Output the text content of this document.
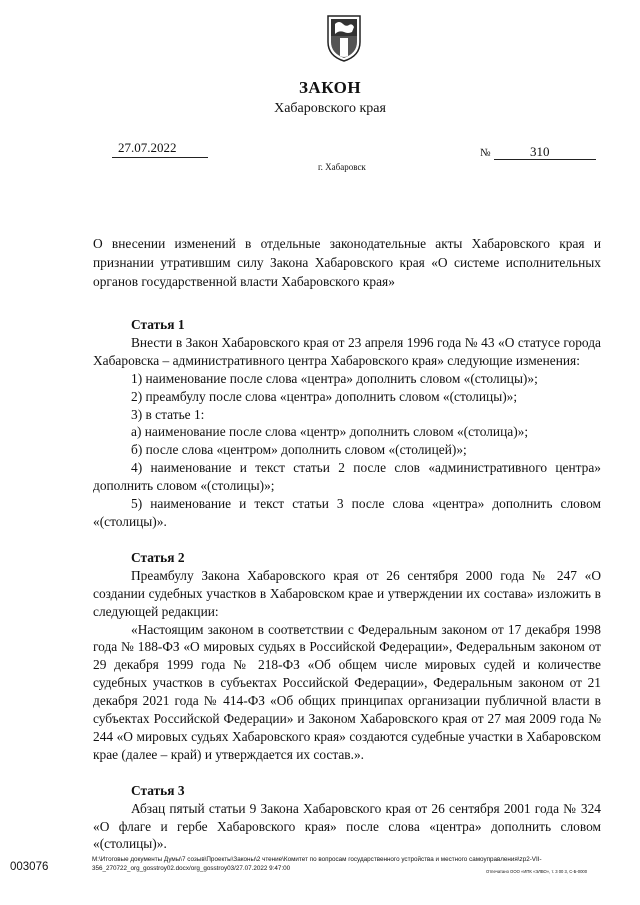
ЗАКОН
Хабаровского края
27.07.2022
г. Хабаровск
№	310
О внесении изменений в отдельные законодательные акты Хабаровского края и признании утратившим силу Закона Хабаровского края «О системе исполнительных органов государственной власти Хабаровского края»

Статья 1

Внести в Закон Хабаровского края от 23 апреля 1996 года № 43 «О статусе города Хабаровска – административного центра Хабаровского края» следующие изменения:

1) наименование после слова «центра» дополнить словом «(столицы)»;

2) преамбулу после слова «центра» дополнить словом «(столицы)»;

3) в статье 1:

а) наименование после слова «центр» дополнить словом «(столица)»;

б) после слова «центром» дополнить словом «(столицей)»;

4) наименование и текст статьи 2 после слов «административного центра» дополнить словом «(столицы)»;

5) наименование и текст статьи 3 после слова «центра» дополнить словом «(столицы)».

Статья 2

Преамбулу Закона Хабаровского края от 26 сентября 2000 года № 247 «О создании судебных участков в Хабаровском крае и утверждении их состава» изложить в следующей редакции:

«Настоящим законом в соответствии с Федеральным законом от 17 декабря 1998 года № 188-ФЗ «О мировых судьях в Российской Федерации», Федеральным законом от 29 декабря 1999 года № 218-ФЗ «Об общем числе мировых судей и количестве судебных участков в субъектах Российской Федерации», Федеральным законом от 21 декабря 2021 года № 414-ФЗ «Об общих принципах организации публичной власти в субъектах Российской Федерации» и Законом Хабаровского края от 27 мая 2009 года № 244 «О мировых судьях Хабаровского края» создаются судебные участки в Хабаровском крае (далее – край) и утверждается их состав.».

Статья 3

Абзац пятый статьи 9 Закона Хабаровского края от 26 сентября 2001 года № 324 «О флаге и гербе Хабаровского края» после слова «центра» дополнить словом «(столицы)».

003076
M:\Итоговые документы Думы\7 созыв\Проекты\Законы\2 чтение\Комитет по вопросам государственного устройства и местного самоуправления\zp2-VII-356_270722_org_gosstroy02.docx/org_gosstroy03/27.07.2022 9:47:00	Отпечатано ООО «ИПК «ЭЛВО», т. 3 00 3, С-Б-0000
